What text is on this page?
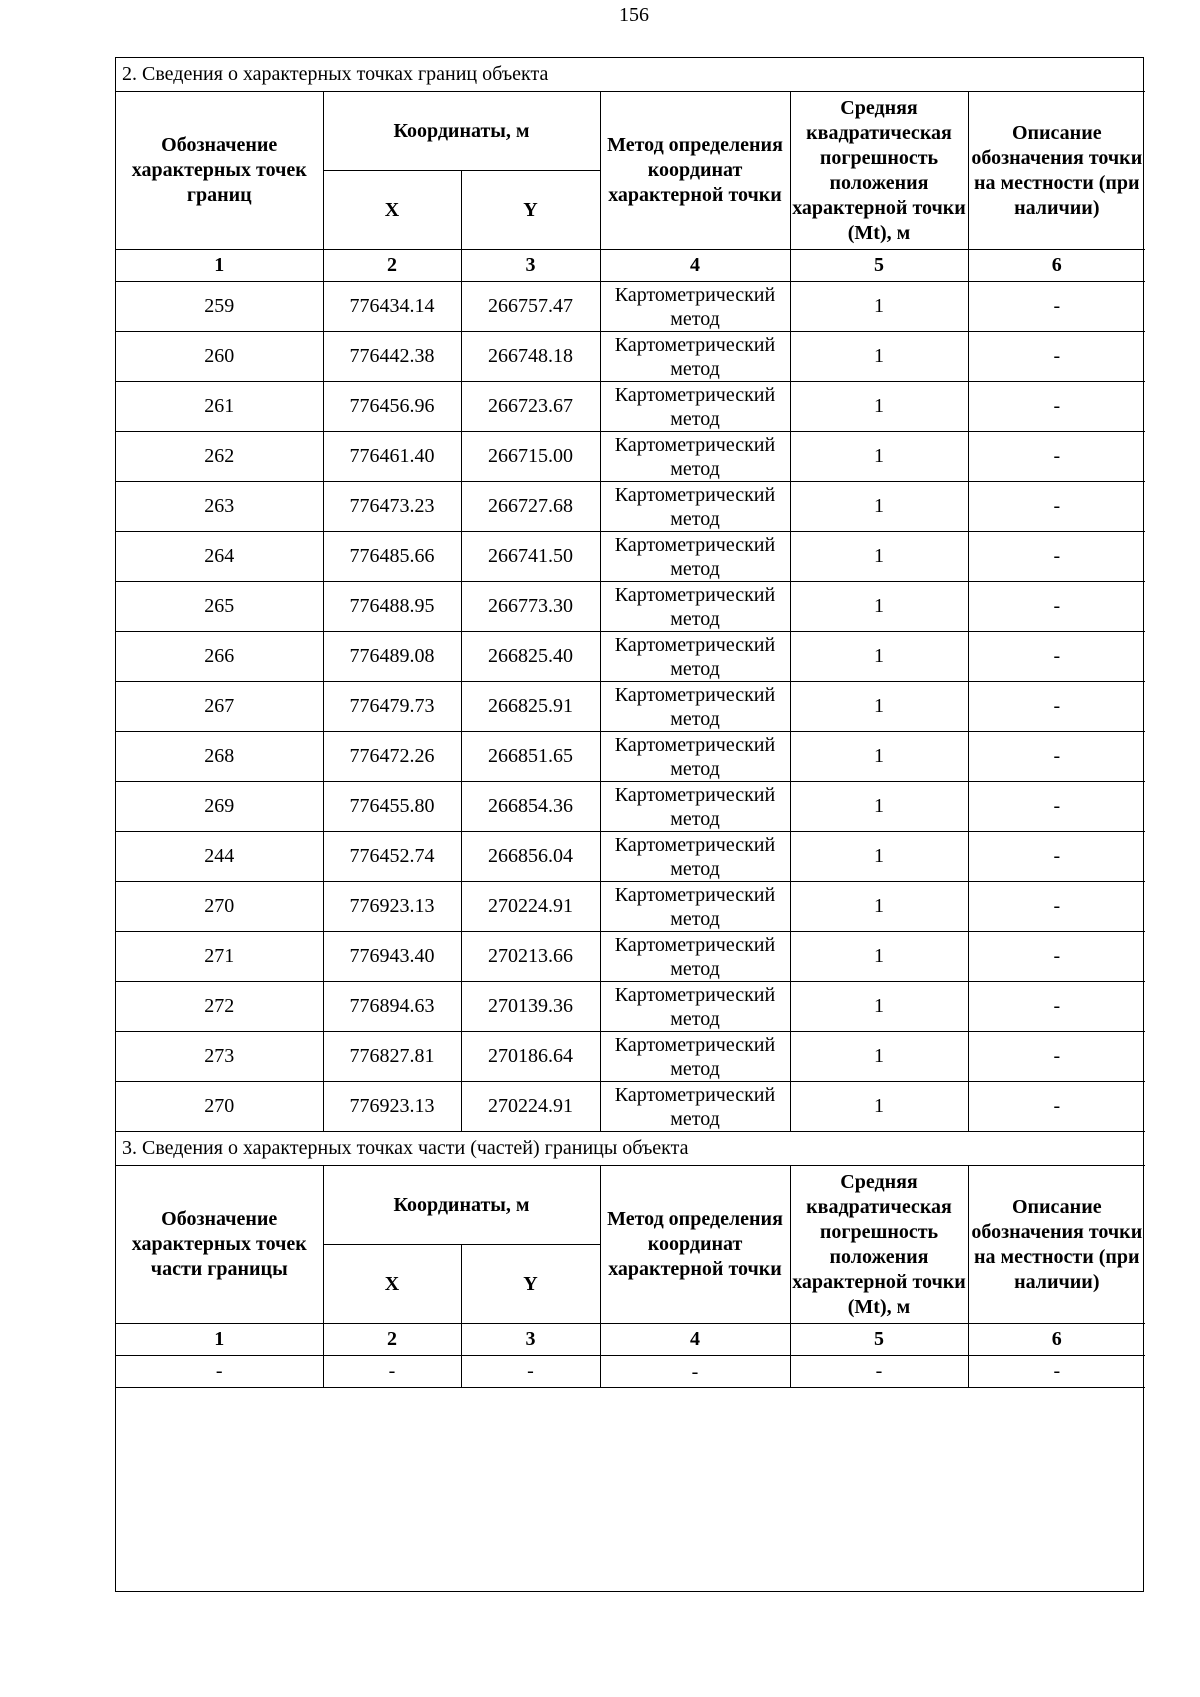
156
2. Сведения о характерных точках границ объекта					
Обозначение характерных точек границ	Координаты, м		Метод определения координат характерной точки	Средняя квадратическая погрешность положения характерной точки (Mt), м	Описание обозначения точки на местности (при наличии)
	X	Y			
1	2	3	4	5	6
259	776434.14	266757.47	Картометрический метод	1	-
260	776442.38	266748.18	Картометрический метод	1	-
261	776456.96	266723.67	Картометрический метод	1	-
262	776461.40	266715.00	Картометрический метод	1	-
263	776473.23	266727.68	Картометрический метод	1	-
264	776485.66	266741.50	Картометрический метод	1	-
265	776488.95	266773.30	Картометрический метод	1	-
266	776489.08	266825.40	Картометрический метод	1	-
267	776479.73	266825.91	Картометрический метод	1	-
268	776472.26	266851.65	Картометрический метод	1	-
269	776455.80	266854.36	Картометрический метод	1	-
244	776452.74	266856.04	Картометрический метод	1	-
270	776923.13	270224.91	Картометрический метод	1	-
271	776943.40	270213.66	Картометрический метод	1	-
272	776894.63	270139.36	Картометрический метод	1	-
273	776827.81	270186.64	Картометрический метод	1	-
270	776923.13	270224.91	Картометрический метод	1	-
3. Сведения о характерных точках части (частей) границы объекта					
Обозначение характерных точек части границы	Координаты, м		Метод определения координат характерной точки	Средняя квадратическая погрешность положения характерной точки (Mt), м	Описание обозначения точки на местности (при наличии)
	X	Y			
1	2	3	4	5	6
-	-	-	-	-	-
